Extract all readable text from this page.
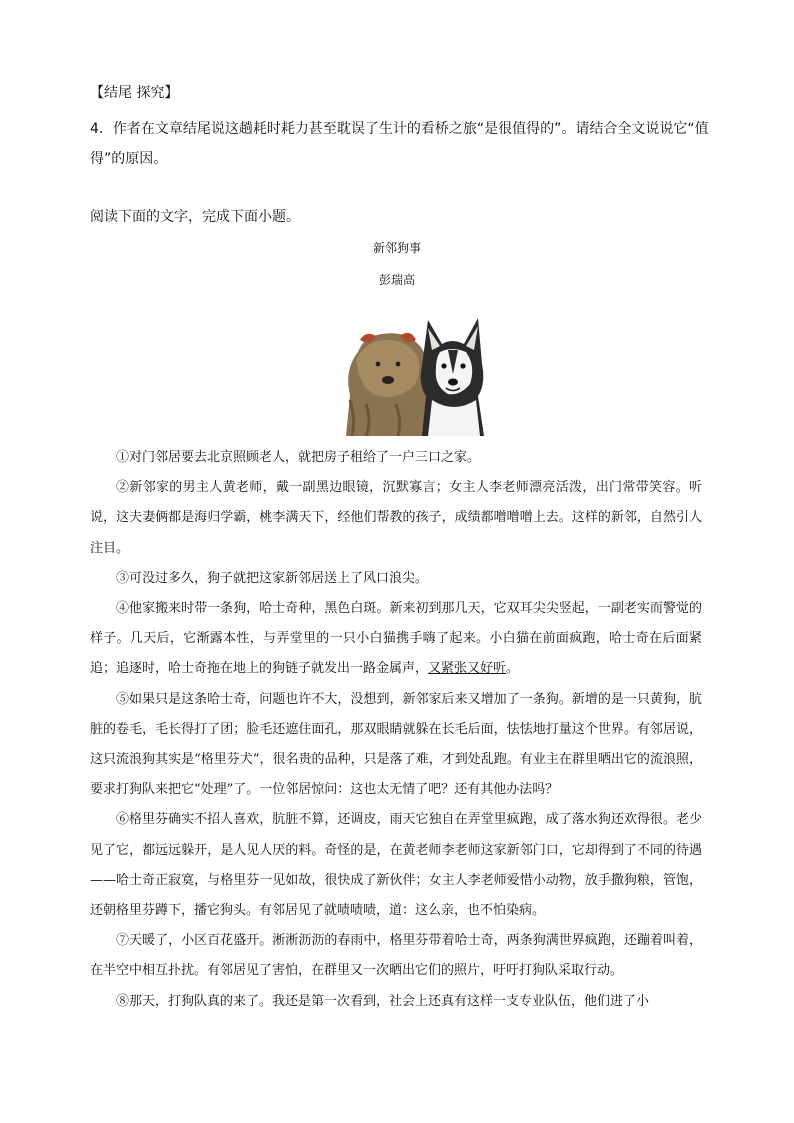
【结尾 探究】
4．作者在文章结尾说这趟耗时耗力甚至耽误了生计的看桥之旅“是很值得的”。请结合全文说说它“值得”的原因。
阅读下面的文字，完成下面小题。
新邻狗事
彭瑞高

①对门邻居要去北京照顾老人，就把房子租给了一户三口之家。

②新邻家的男主人黄老师，戴一副黑边眼镜，沉默寡言；女主人李老师漂亮活泼，出门常带笑容。听说，这夫妻俩都是海归学霸，桃李满天下，经他们帮教的孩子，成绩都噌噌噌上去。这样的新邻，自然引人注目。

③可没过多久，狗子就把这家新邻居送上了风口浪尖。

④他家搬来时带一条狗，哈士奇种，黑色白斑。新来初到那几天，它双耳尖尖竖起，一副老实而警觉的样子。几天后，它渐露本性，与弄堂里的一只小白猫携手嗨了起来。小白猫在前面疯跑，哈士奇在后面紧追；追逐时，哈士奇拖在地上的狗链子就发出一路金属声，又紧张又好听。

⑤如果只是这条哈士奇，问题也许不大，没想到，新邻家后来又增加了一条狗。新增的是一只黄狗，肮脏的卷毛，毛长得打了团；脸毛还遮住面孔，那双眼睛就躲在长毛后面，怯怯地打量这个世界。有邻居说，这只流浪狗其实是“格里芬犬”，很名贵的品种，只是落了难，才到处乱跑。有业主在群里晒出它的流浪照，要求打狗队来把它“处理”了。一位邻居惊问：这也太无情了吧？还有其他办法吗？

⑥格里芬确实不招人喜欢，肮脏不算，还调皮，雨天它独自在弄堂里疯跑，成了落水狗还欢得很。老少见了它，都远远躲开，是人见人厌的料。奇怪的是，在黄老师李老师这家新邻门口，它却得到了不同的待遇——哈士奇正寂寞，与格里芬一见如故，很快成了新伙伴；女主人李老师爱惜小动物，放手撒狗粮，管饱，还朝格里芬蹲下，播它狗头。有邻居见了就啧啧啧，道：这么亲，也不怕染病。

⑦天暖了，小区百花盛开。淅淅沥沥的春雨中，格里芬带着哈士奇，两条狗满世界疯跑，还蹦着叫着，在半空中相互扑扰。有邻居见了害怕，在群里又一次晒出它们的照片，吁吁打狗队采取行动。

⑧那天，打狗队真的来了。我还是第一次看到，社会上还真有这样一支专业队伍，他们进了小
